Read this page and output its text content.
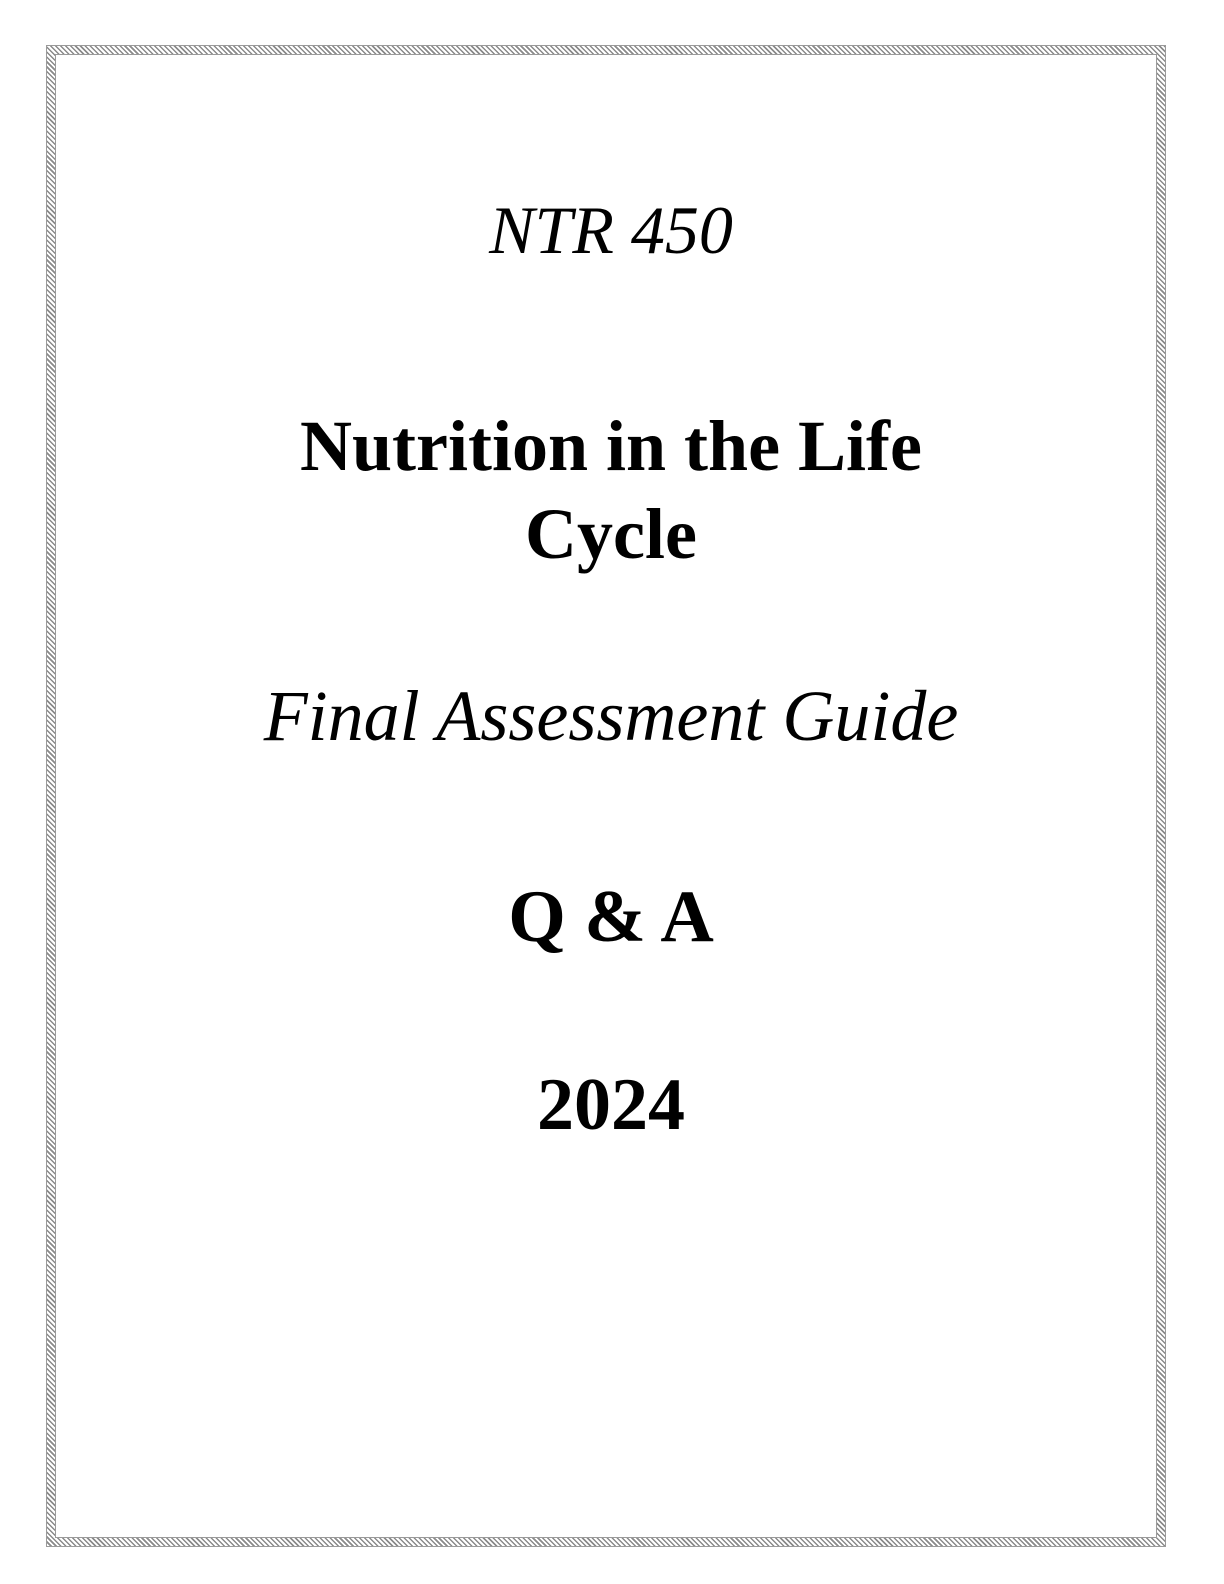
NTR 450

Nutrition in the Life
Cycle

Final Assessment Guide

Q & A

2024
